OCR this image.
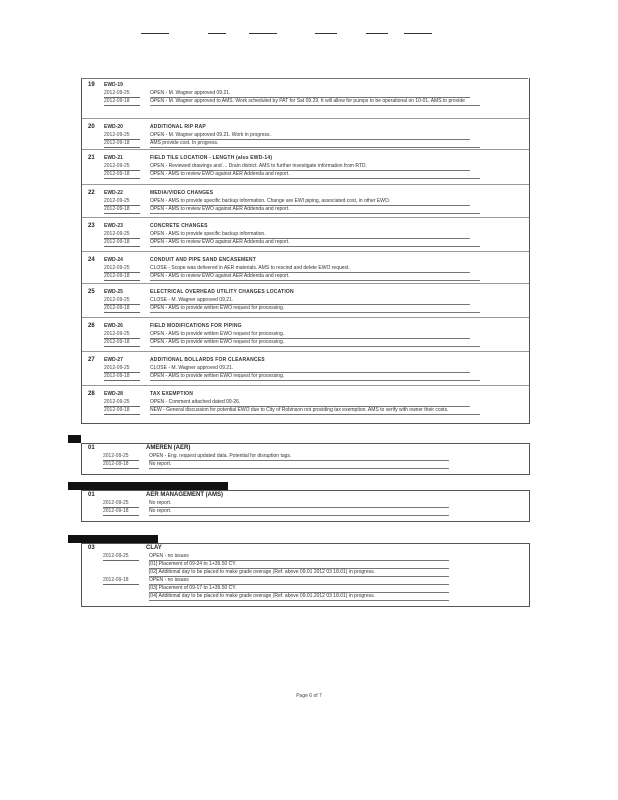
19 EWD-19
2012-09-25	OPEN - M. Wagner approved 09.21.
2012-09-18	OPEN - M. Wagner approved to AMS. Work scheduled by PAT for Sat 09.29. It will allow for pumps to be operational on 10-01. AMS to provide
20 EWD-20	ADDITIONAL RIP RAP
2012-09-25	OPEN - M. Wagner approved 09.21. Work in progress.
2012-09-18	AMS provide cost. In progress.
21 EWD-21	FIELD TILE LOCATION - LENGTH (also EWD-14)
2012-09-25	OPEN - Reviewed drawings and ... Drain district. AMS to further investigate information from RTD.
2012-09-18	OPEN - AMS to review EWO against AER Addenda and report.
22 EWD-22	MEDIA/VIDEO CHANGES
2012-09-25	OPEN - AMS to provide specific backup information. Change are EWI piping, associated cost, in other EWO.
2012-09-18	OPEN - AMS to review EWO against AER Addenda and report.
23 EWD-23	CONCRETE CHANGES
2012-09-25	OPEN - AMS to provide specific backup information.
2012-09-18	OPEN - AMS to review EWO against AER Addenda and report.
24 EWD-24	CONDUIT AND PIPE SAND ENCASEMENT
2012-09-25	CLOSE - Scope was delivered in AER materials. AMS to rescind and delete EWO request.
2012-09-18	OPEN - AMS to review EWO against AER Addenda and report.
25 EWD-25	ELECTRICAL OVERHEAD UTILITY CHANGES LOCATION
2012-09-25	CLOSE - M. Wagner approved 09.21.
2012-09-18	OPEN - AMS to provide written EWO request for processing.
26 EWD-26	FIELD MODIFICATIONS FOR PIPING
2012-09-25	OPEN - AMS to provide written EWO request for processing.
2012-09-18	OPEN - AMS to provide written EWO request for processing.
27 EWD-27	ADDITIONAL BOLLARDS FOR CLEARANCES
2012-09-25	CLOSE - M. Wagner approved 09.21.
2012-09-18	OPEN - AMS to provide written EWO request for processing.
28 EWD-28	TAX EXEMPTION
2012-09-25	OPEN - Comment attached dated 09-26.
2012-09-18	NEW - General discussion for potential EWO due to City of Robinson not providing tax exemption. AMS to verify with owner their costs.
01	AMEREN (AER)
2012-09-25	OPEN - Eng. request updated data. Potential for disruption tags.
2012-09-18	No report.
01	AER MANAGEMENT (AMS)
2012-09-25	No report.
2012-09-18	No report.
03	CLAY
2012-09-25	OPEN - no issues
[01] Placement of 09-24 to 1+39.50 CY.
[02] Additional day to be placed to make grade overage (Ref. above 09.01 2012 03 18.01) in progress.
2012-09-18	OPEN - no issues
[03] Placement of 09-17 to 1+39.50 CY.
[04] Additional day to be placed to make grade overage (Ref. above 09.01.2012 03 18.01) in progress.
Page 6 of 7
